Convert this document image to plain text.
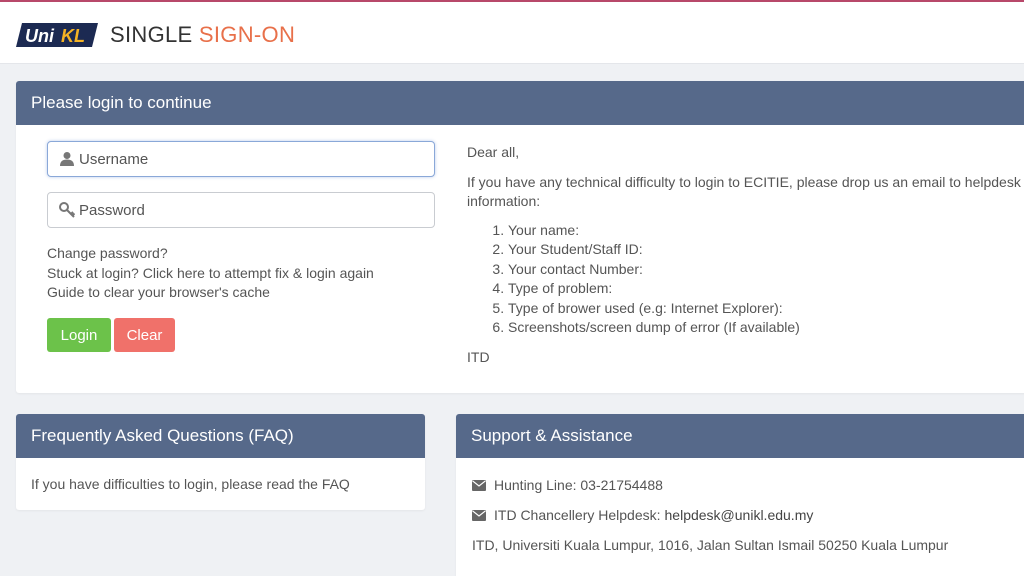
Uni KL SINGLE SIGN-ON
Please login to continue
Username
Change password?
Stuck at login? Click here to attempt fix & login again
Guide to clear your browser's cache
Login	Clear

Dear all,

If you have any technical difficulty to login to ECITIE, please drop us an email to helpdesk information:

1. Your name:
2. Your Student/Staff ID:
3. Your contact Number:
4. Type of problem:
5. Type of brower used (e.g: Internet Explorer):
6. Screenshots/screen dump of error (If available)

ITD

Frequently Asked Questions (FAQ)
If you have difficulties to login, please read the FAQ
Support & Assistance
Hunting Line: 03-21754488
ITD Chancellery Helpdesk: helpdesk@unikl.edu.my
ITD, Universiti Kuala Lumpur, 1016, Jalan Sultan Ismail 50250 Kuala Lumpur
